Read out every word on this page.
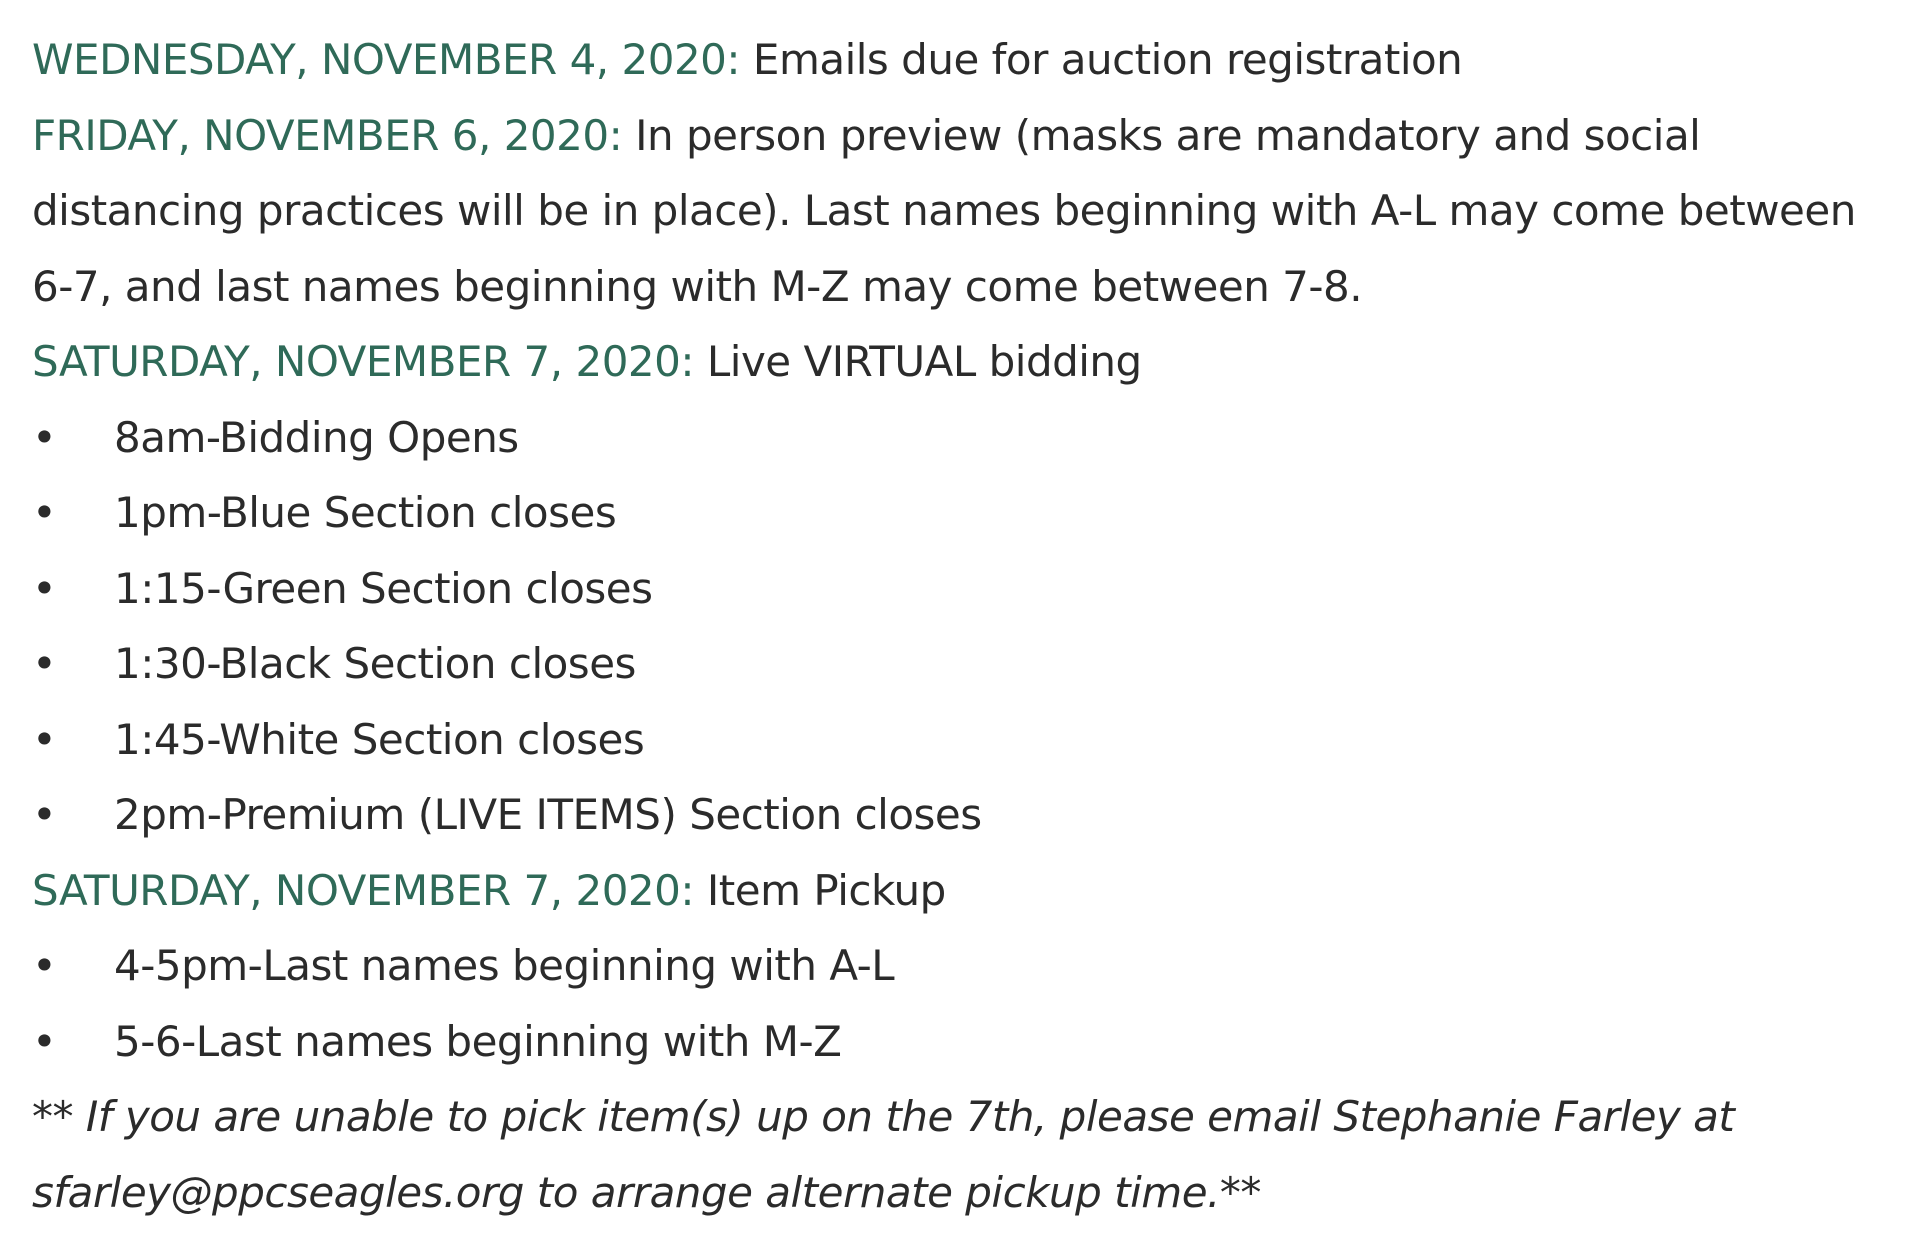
WEDNESDAY, NOVEMBER 4, 2020: Emails due for auction registration
FRIDAY, NOVEMBER 6, 2020: In person preview (masks are mandatory and social distancing practices will be in place). Last names beginning with A-L may come between 6-7, and last names beginning with M-Z may come between 7-8.
SATURDAY, NOVEMBER 7, 2020: Live VIRTUAL bidding
• 8am-Bidding Opens
• 1pm-Blue Section closes
• 1:15-Green Section closes
• 1:30-Black Section closes
• 1:45-White Section closes
• 2pm-Premium (LIVE ITEMS) Section closes
SATURDAY, NOVEMBER 7, 2020: Item Pickup
• 4-5pm-Last names beginning with A-L
• 5-6-Last names beginning with M-Z
** If you are unable to pick item(s) up on the 7th, please email Stephanie Farley at sfarley@ppcseagles.org to arrange alternate pickup time.**
